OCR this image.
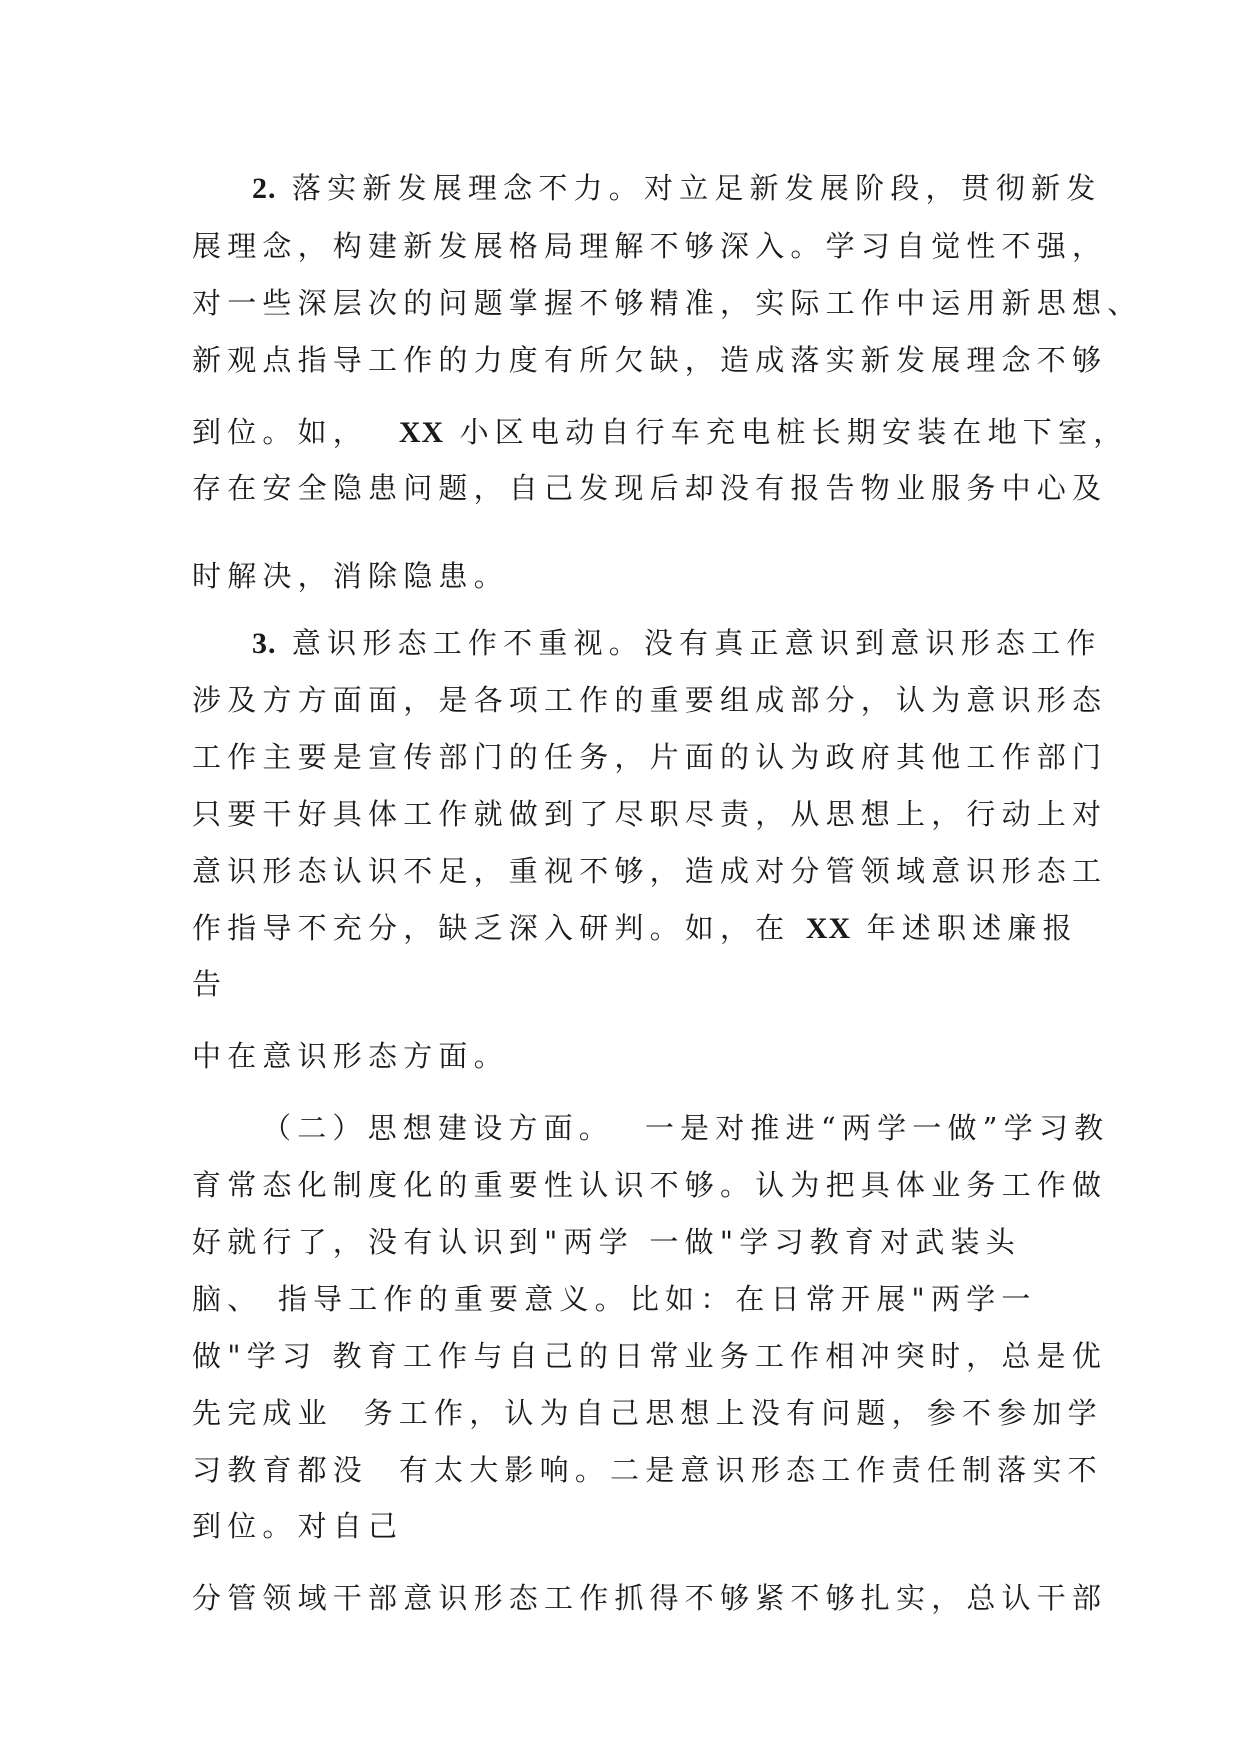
2. 落实新发展理念不力。对立足新发展阶段，贯彻新发
展理念，构建新发展格局理解不够深入。学习自觉性不强，
对一些深层次的问题掌握不够精准，实际工作中运用新思想、
新观点指导工作的力度有所欠缺，造成落实新发展理念不够
到位。如，  XX 小区电动自行车充电桩长期安装在地下室，
存在安全隐患问题，自己发现后却没有报告物业服务中心及
时解决，消除隐患。
3. 意识形态工作不重视。没有真正意识到意识形态工作
涉及方方面面，是各项工作的重要组成部分，认为意识形态
工作主要是宣传部门的任务，片面的认为政府其他工作部门
只要干好具体工作就做到了尽职尽责，从思想上，行动上对
意识形态认识不足，重视不够，造成对分管领域意识形态工
作指导不充分，缺乏深入研判。如，在 XX 年述职述廉报
告
中在意识形态方面。
（二）思想建设方面。  一是对推进“两学一做”学习教
育常态化制度化的重要性认识不够。认为把具体业务工作做
好就行了，没有认识到"两学 一做"学习教育对武装头
脑、 指导工作的重要意义。比如：在日常开展"两学一
做"学习 教育工作与自己的日常业务工作相冲突时，总是优
先完成业  务工作，认为自己思想上没有问题，参不参加学
习教育都没  有太大影响。二是意识形态工作责任制落实不
到位。对自己
分管领域干部意识形态工作抓得不够紧不够扎实，总认干部
